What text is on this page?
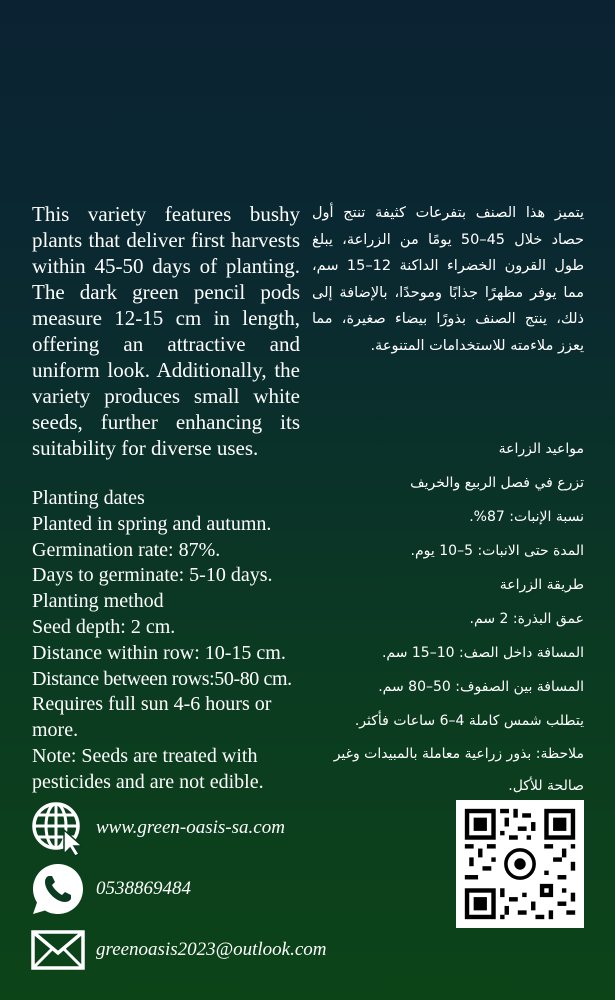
This variety features bushy plants that deliver first harvests within 45-50 days of planting. The dark green pencil pods measure 12-15 cm in length, offering an attractive and uniform look. Additionally, the variety produces small white seeds, further enhancing its suitability for diverse uses.
Planting dates
Planted in spring and autumn.
Germination rate: 87%.
Days to germinate: 5-10 days.
Planting method
Seed depth: 2 cm.
Distance within row: 10-15 cm.
Distance between rows:50-80 cm.
Requires full sun 4-6 hours or more.
Note: Seeds are treated with pesticides and are not edible.
يتميز هذا الصنف بتفرعات كثيفة تنتج أول حصاد خلال 45–50 يومًا من الزراعة، يبلغ طول القرون الخضراء الداكنة 12–15 سم، مما يوفر مظهرًا جذابًا وموحدًا، بالإضافة إلى ذلك، ينتج الصنف بذورًا بيضاء صغيرة، مما يعزز ملاءمته للاستخدامات المتنوعة.
مواعيد الزراعة
تزرع في فصل الربيع والخريف
نسبة الإنبات: 87%.
المدة حتى الانبات: 5–10 يوم.
طريقة الزراعة
عمق البذرة: 2 سم.
المسافة داخل الصف: 10–15 سم.
المسافة بين الصفوف: 50–80 سم.
يتطلب شمس كاملة 4–6 ساعات فأكثر.
ملاحظة: بذور زراعية معاملة بالمبيدات وغير صالحة للأكل.
www.green-oasis-sa.com
0538869484
greenoasis2023@outlook.com
